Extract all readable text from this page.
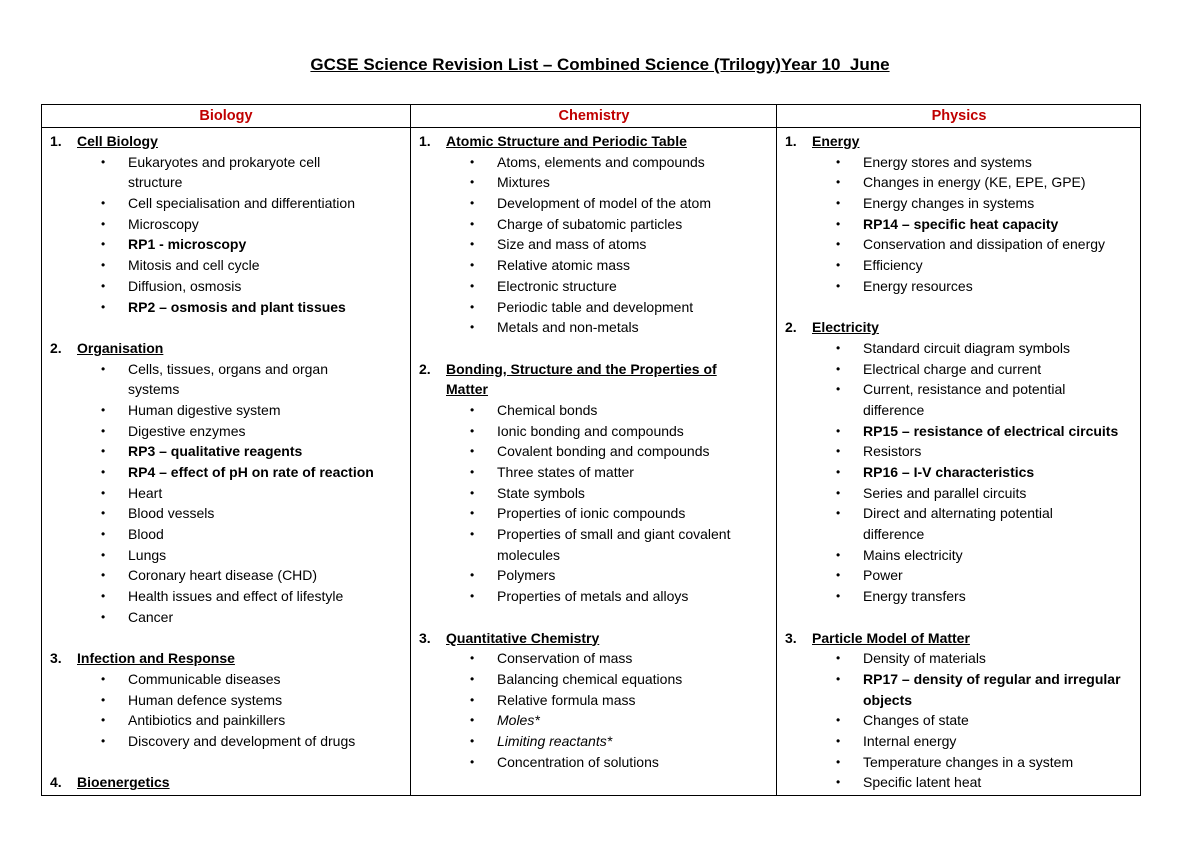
GCSE Science Revision List – Combined Science (Trilogy)Year 10  June
Biology
1. Cell Biology
• Eukaryotes and prokaryote cell
structure
• Cell specialisation and differentiation
• Microscopy
• RP1 - microscopy
• Mitosis and cell cycle
• Diffusion, osmosis
• RP2 – osmosis and plant tissues
2. Organisation
• Cells, tissues, organs and organ
systems
• Human digestive system
• Digestive enzymes
• RP3 – qualitative reagents
• RP4 – effect of pH on rate of reaction
• Heart
• Blood vessels
• Blood
• Lungs
• Coronary heart disease (CHD)
• Health issues and effect of lifestyle
• Cancer
3. Infection and Response
• Communicable diseases
• Human defence systems
• Antibiotics and painkillers
• Discovery and development of drugs
4. Bioenergetics
Chemistry
1. Atomic Structure and Periodic Table
• Atoms, elements and compounds
• Mixtures
• Development of model of the atom
• Charge of subatomic particles
• Size and mass of atoms
• Relative atomic mass
• Electronic structure
• Periodic table and development
• Metals and non-metals
2. Bonding, Structure and the Properties of
Matter
• Chemical bonds
• Ionic bonding and compounds
• Covalent bonding and compounds
• Three states of matter
• State symbols
• Properties of ionic compounds
• Properties of small and giant covalent
molecules
• Polymers
• Properties of metals and alloys
3. Quantitative Chemistry
• Conservation of mass
• Balancing chemical equations
• Relative formula mass
• Moles*
• Limiting reactants*
• Concentration of solutions
Physics
1. Energy
• Energy stores and systems
• Changes in energy (KE, EPE, GPE)
• Energy changes in systems
• RP14 – specific heat capacity
• Conservation and dissipation of energy
• Efficiency
• Energy resources
2. Electricity
• Standard circuit diagram symbols
• Electrical charge and current
• Current, resistance and potential
difference
• RP15 – resistance of electrical circuits
• Resistors
• RP16 – I-V characteristics
• Series and parallel circuits
• Direct and alternating potential
difference
• Mains electricity
• Power
• Energy transfers
3. Particle Model of Matter
• Density of materials
• RP17 – density of regular and irregular
objects
• Changes of state
• Internal energy
• Temperature changes in a system
• Specific latent heat
